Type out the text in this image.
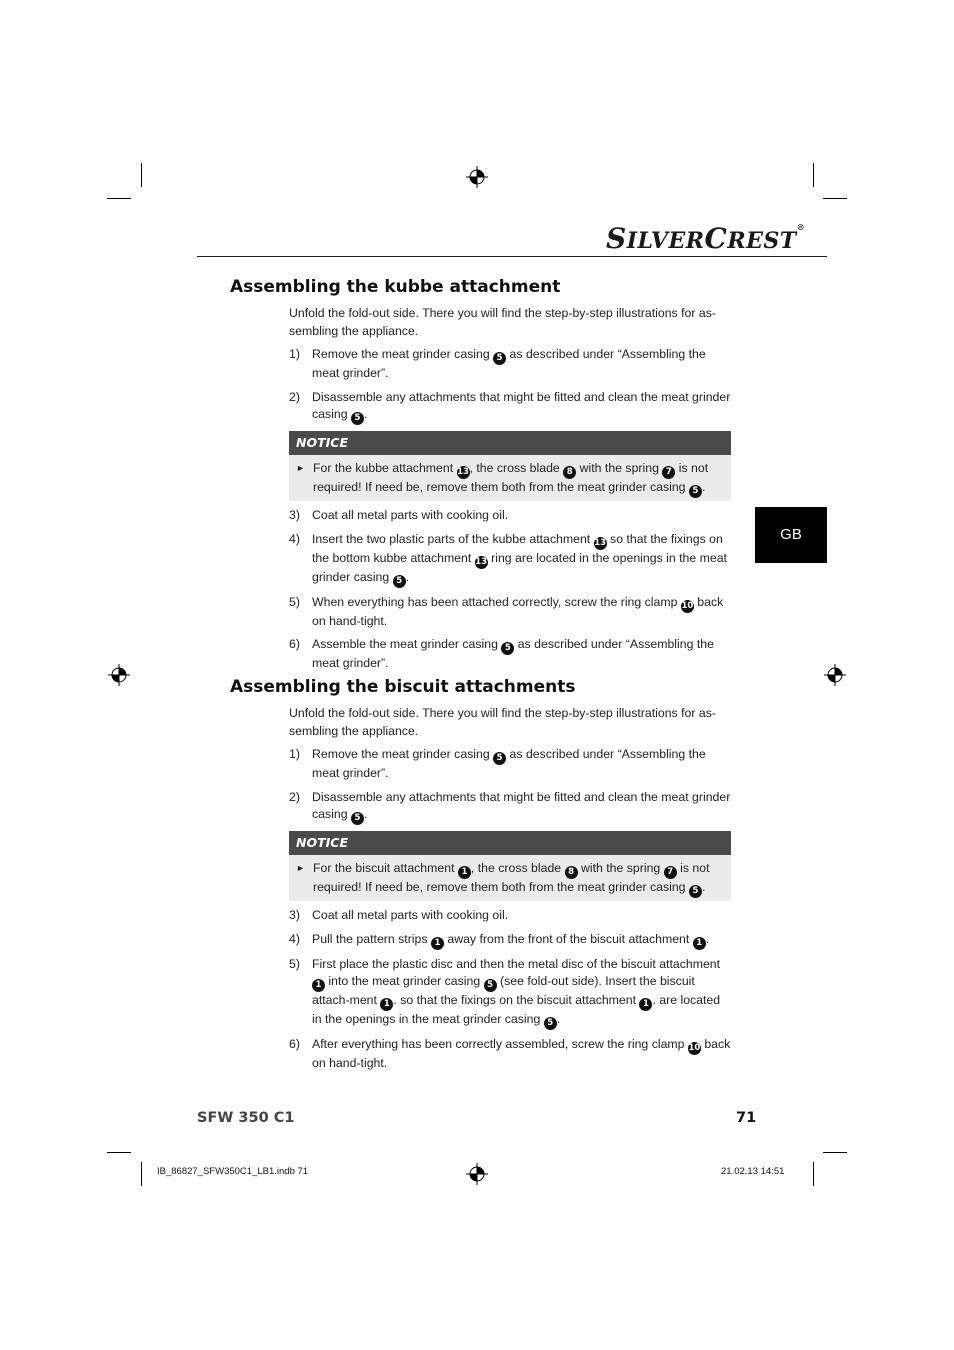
SILVERCREST®
GB
Assembling the kubbe attachment

Unfold the fold-out side. There you will find the step-by-step illustrations for as-sembling the appliance.

1) Remove the meat grinder casing 5 as described under “Assembling the meat grinder”.
2) Disassemble any attachments that might be fitted and clean the meat grinder casing 5 .
NOTICE
► For the kubbe attachment 13, the cross blade 8 with the spring 7 is not required! If need be, remove them both from the meat grinder casing 5 .
3) Coat all metal parts with cooking oil.
4) Insert the two plastic parts of the kubbe attachment 13 so that the fixings on the bottom kubbe attachment 13 ring are located in the openings in the meat grinder casing 5 .
5) When everything has been attached correctly, screw the ring clamp 10 back on hand-tight.
6) Assemble the meat grinder casing 5 as described under “Assembling the meat grinder”.
Assembling the biscuit attachments

Unfold the fold-out side. There you will find the step-by-step illustrations for as-sembling the appliance.

1) Remove the meat grinder casing 5 as described under “Assembling the meat grinder”.
2) Disassemble any attachments that might be fitted and clean the meat grinder casing 5 .
NOTICE
► For the biscuit attachment 1 , the cross blade 8 with the spring 7 is not required! If need be, remove them both from the meat grinder casing 5 .
3) Coat all metal parts with cooking oil.
4) Pull the pattern strips 1 away from the front of the biscuit attachment 1 .
5) First place the plastic disc and then the metal disc of the biscuit attachment 1 into the meat grinder casing 5 (see fold-out side). Insert the biscuit attach-ment 1 . so that the fixings on the biscuit attachment 1 . are located in the openings in the meat grinder casing 5 .
6) After everything has been correctly assembled, screw the ring clamp 10 back on hand-tight.
SFW 350 C1	71
IB_86827_SFW350C1_LB1.indb 71	21.02.13 14:51
